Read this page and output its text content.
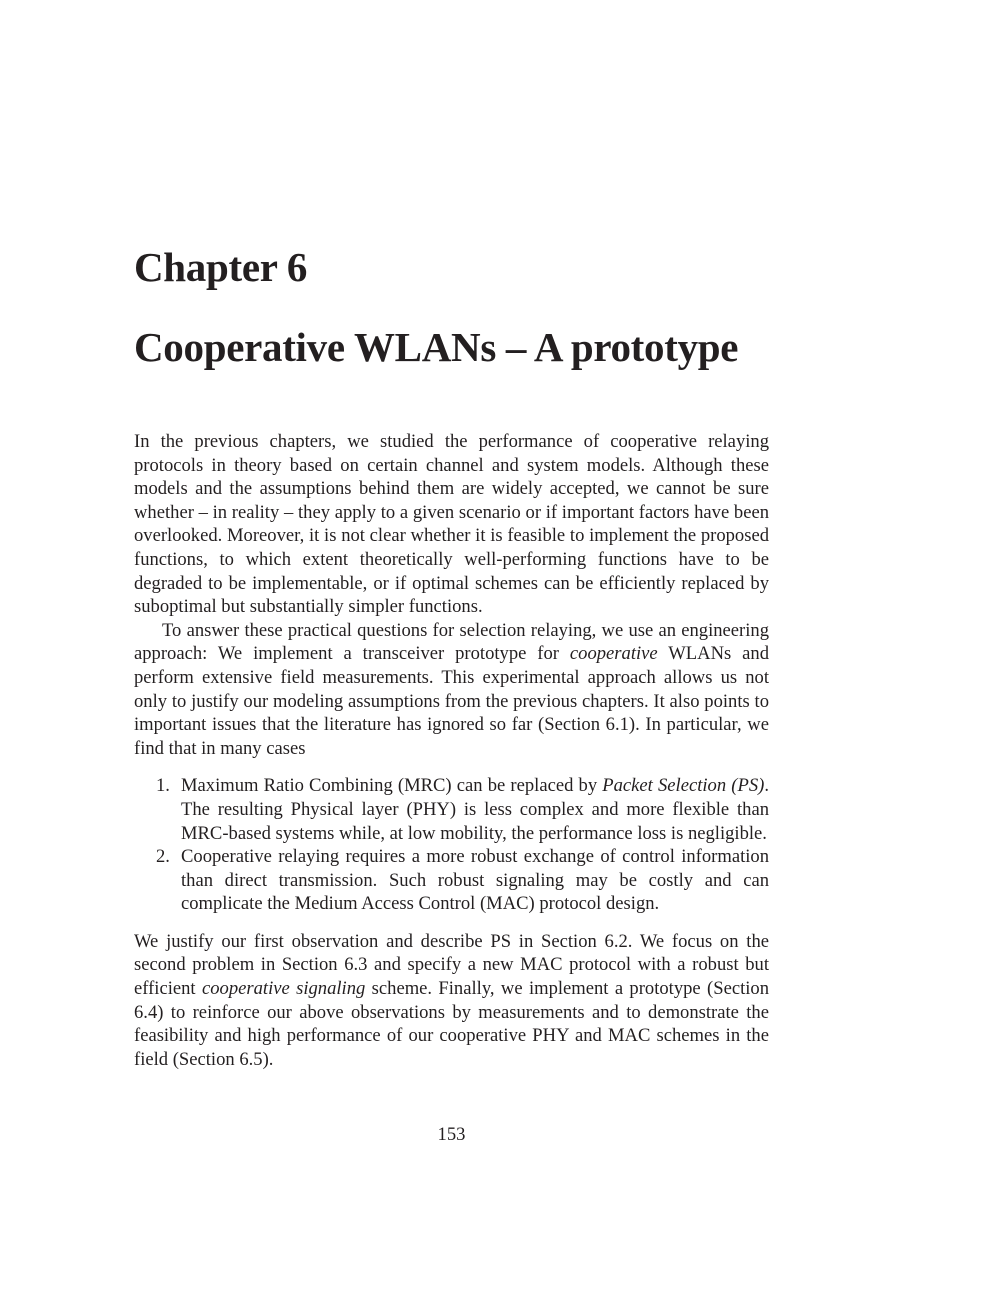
Chapter 6
Cooperative WLANs – A prototype

In the previous chapters, we studied the performance of cooperative relaying protocols in theory based on certain channel and system models. Although these models and the assumptions behind them are widely accepted, we cannot be sure whether – in reality – they apply to a given scenario or if important factors have been overlooked. Moreover, it is not clear whether it is feasible to implement the proposed functions, to which extent theoretically well-performing functions have to be degraded to be implementable, or if optimal schemes can be efficiently replaced by suboptimal but substantially simpler functions.

To answer these practical questions for selection relaying, we use an engineering approach: We implement a transceiver prototype for cooperative WLANs and perform extensive field measurements. This experimental approach allows us not only to justify our modeling assumptions from the previous chapters. It also points to important issues that the literature has ignored so far (Section 6.1). In particular, we find that in many cases

1. Maximum Ratio Combining (MRC) can be replaced by Packet Selection (PS). The resulting Physical layer (PHY) is less complex and more flexible than MRC-based systems while, at low mobility, the performance loss is negligible.
2. Cooperative relaying requires a more robust exchange of control information than direct transmission. Such robust signaling may be costly and can complicate the Medium Access Control (MAC) protocol design.

We justify our first observation and describe PS in Section 6.2. We focus on the second problem in Section 6.3 and specify a new MAC protocol with a robust but efficient cooperative signaling scheme. Finally, we implement a prototype (Section 6.4) to reinforce our above observations by measurements and to demonstrate the feasibility and high performance of our cooperative PHY and MAC schemes in the field (Section 6.5).

153
